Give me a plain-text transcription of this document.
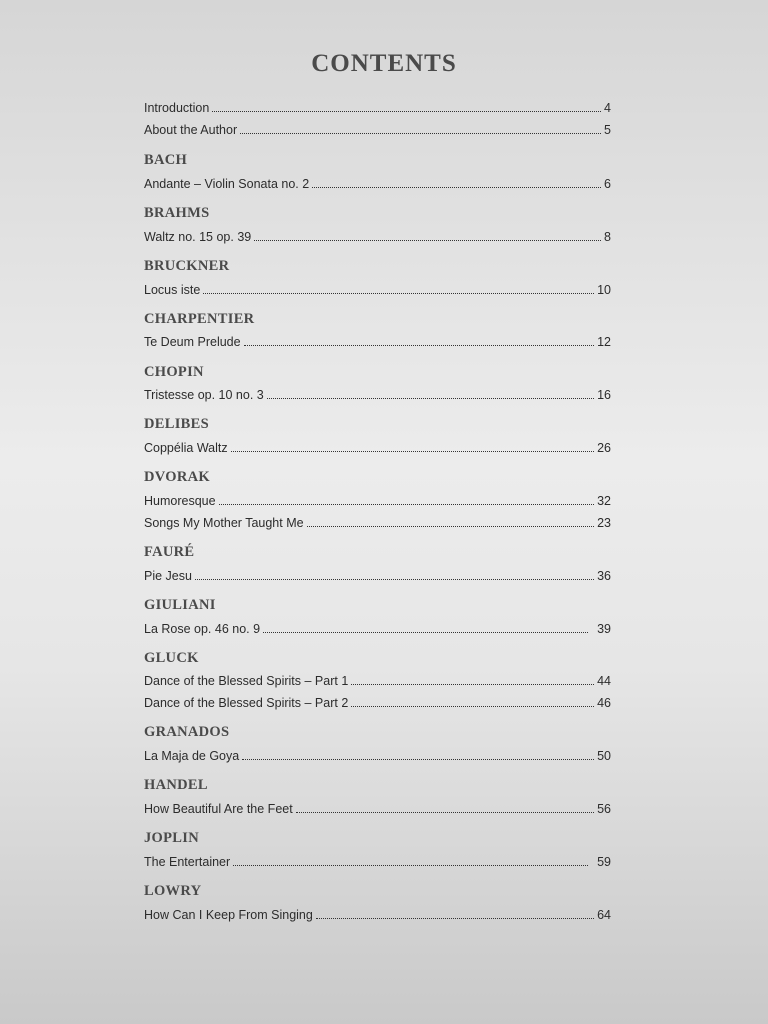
CONTENTS
Introduction	4
About the Author	5
BACH
Andante – Violin Sonata no. 2	6
BRAHMS
Waltz no. 15 op. 39	8
BRUCKNER
Locus iste	10
CHARPENTIER
Te Deum Prelude	12
CHOPIN
Tristesse op. 10 no. 3	16
DELIBES
Coppélia Waltz	26
DVORAK
Humoresque	32
Songs My Mother Taught Me	23
FAURÉ
Pie Jesu	36
GIULIANI
La Rose op. 46 no. 9	39
GLUCK
Dance of the Blessed Spirits – Part 1	44
Dance of the Blessed Spirits – Part 2	46
GRANADOS
La Maja de Goya	50
HANDEL
How Beautiful Are the Feet	56
JOPLIN
The Entertainer	59
LOWRY
How Can I Keep From Singing	64
